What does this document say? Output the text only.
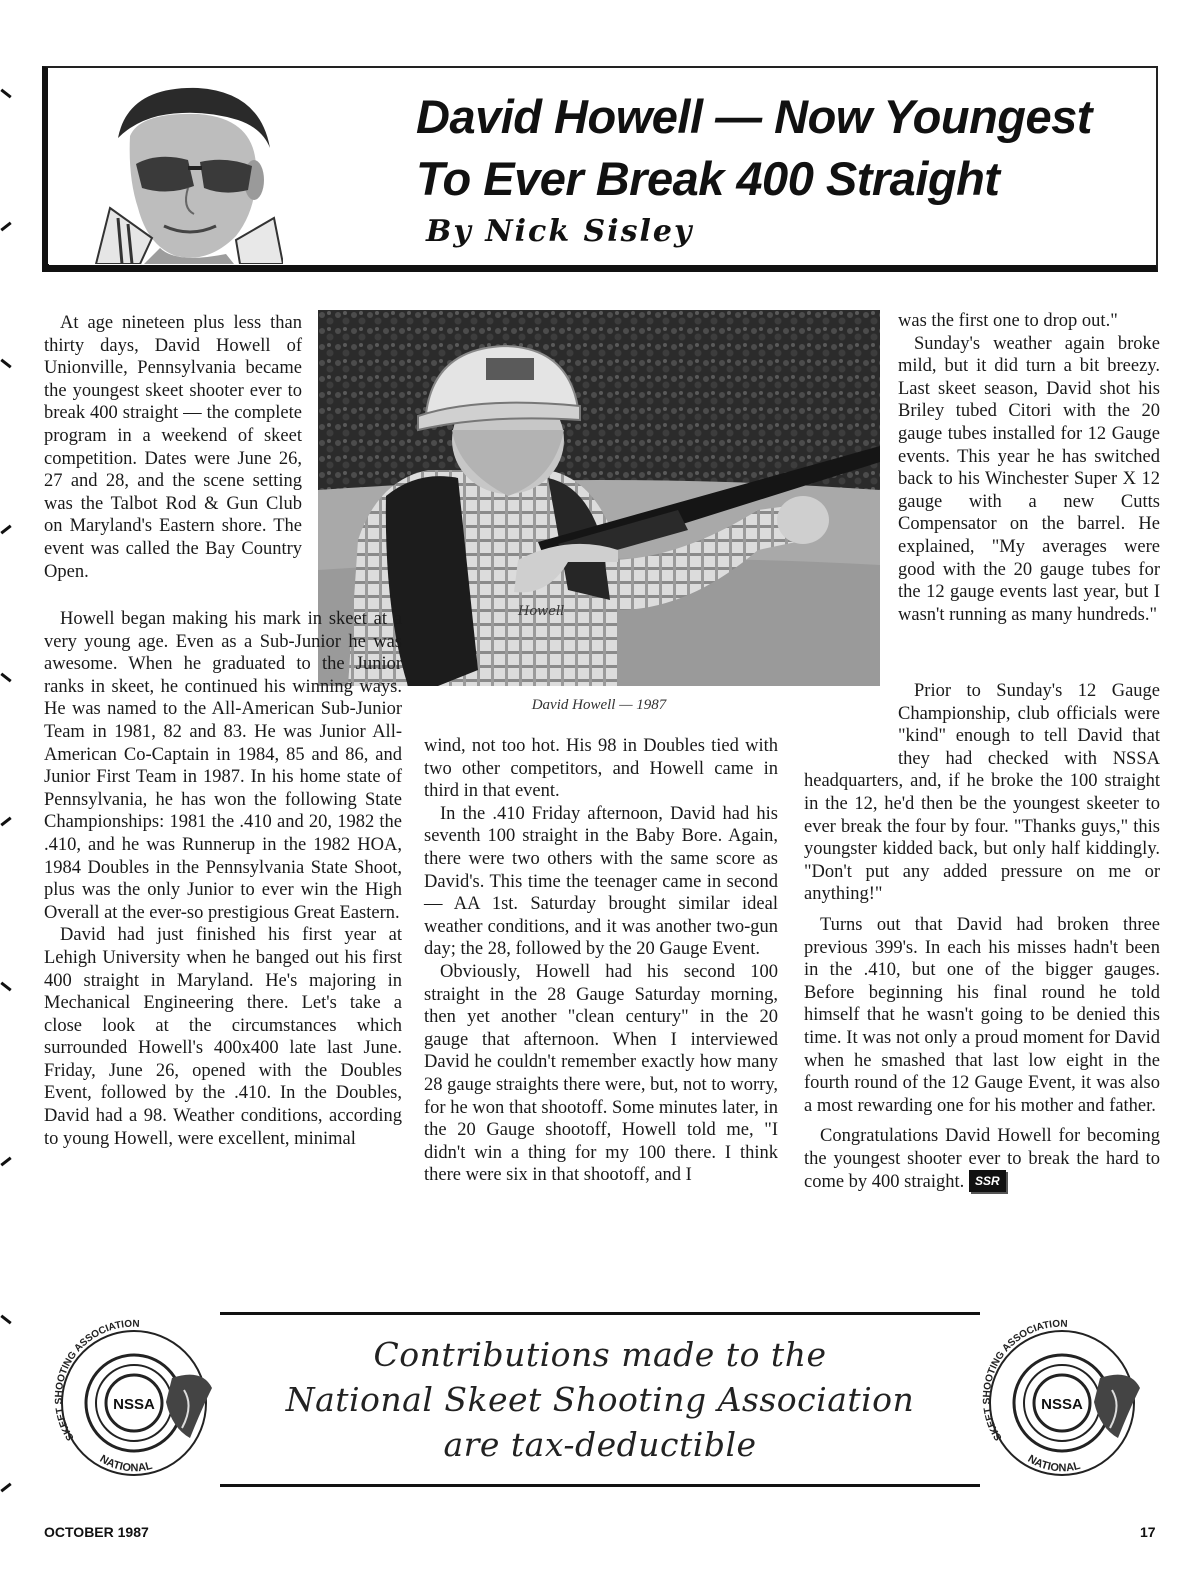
David Howell — Now Youngest
To Ever Break 400 Straight
By Nick Sisley
Howell
David Howell — 1987

At age nineteen plus less than thirty days, David Howell of Unionville, Pennsylvania became the youngest skeet shooter ever to break 400 straight — the complete program in a weekend of skeet competition. Dates were June 26, 27 and 28, and the scene setting was the Talbot Rod & Gun Club on Maryland's Eastern shore. The event was called the Bay Country Open.

Howell began making his mark in skeet at a very young age. Even as a Sub-Junior he was awesome. When he graduated to the Junior ranks in skeet, he continued his winning ways. He was named to the All-American Sub-Junior Team in 1981, 82 and 83. He was Junior All-American Co-Captain in 1984, 85 and 86, and Junior First Team in 1987. In his home state of Pennsylvania, he has won the following State Championships: 1981 the .410 and 20, 1982 the .410, and he was Runnerup in the 1982 HOA, 1984 Doubles in the Pennsylvania State Shoot, plus was the only Junior to ever win the High Overall at the ever-so prestigious Great Eastern.

David had just finished his first year at Lehigh University when he banged out his first 400 straight in Maryland. He's majoring in Mechanical Engineering there. Let's take a close look at the circumstances which surrounded Howell's 400x400 late last June. Friday, June 26, opened with the Doubles Event, followed by the .410. In the Doubles, David had a 98. Weather conditions, according to young Howell, were excellent, minimal

wind, not too hot. His 98 in Doubles tied with two other competitors, and Howell came in third in that event.

In the .410 Friday afternoon, David had his seventh 100 straight in the Baby Bore. Again, there were two others with the same score as David's. This time the teenager came in second — AA 1st. Saturday brought similar ideal weather conditions, and it was another two-gun day; the 28, followed by the 20 Gauge Event.

Obviously, Howell had his second 100 straight in the 28 Gauge Saturday morning, then yet another "clean century" in the 20 gauge that afternoon. When I interviewed David he couldn't remember exactly how many 28 gauge straights there were, but, not to worry, for he won that shootoff. Some minutes later, in the 20 Gauge shootoff, Howell told me, "I didn't win a thing for my 100 there. I think there were six in that shootoff, and I

was the first one to drop out."

Sunday's weather again broke mild, but it did turn a bit breezy. Last skeet season, David shot his Briley tubed Citori with the 20 gauge tubes installed for 12 Gauge events. This year he has switched back to his Winchester Super X 12 gauge with a new Cutts Compensator on the barrel. He explained, "My averages were good with the 20 gauge tubes for the 12 gauge events last year, but I wasn't running as many hundreds."

Prior to Sunday's 12 Gauge Championship, club officials were "kind" enough to tell David that they had checked with NSSA headquarters, and, if he broke the 100 straight in the 12, he'd then be the youngest skeeter to ever break the four by four. "Thanks guys," this youngster kidded back, but only half kiddingly. "Don't put any added pressure on me or anything!"

Turns out that David had broken three previous 399's. In each his misses hadn't been in the .410, but one of the bigger gauges. Before beginning his final round he told himself that he wasn't going to be denied this time. It was not only a proud moment for David when he smashed that last low eight in the fourth round of the 12 Gauge Event, it was also a most rewarding one for his mother and father.

Congratulations David Howell for becoming the youngest shooter ever to break the hard to come by 400 straight. SSR

NSSA
SKEET SHOOTING ASSOCIATION
NATIONAL
Contributions made to the
National Skeet Shooting Association
are tax-deductible
NSSA
SKEET SHOOTING ASSOCIATION
NATIONAL
OCTOBER 1987	17
